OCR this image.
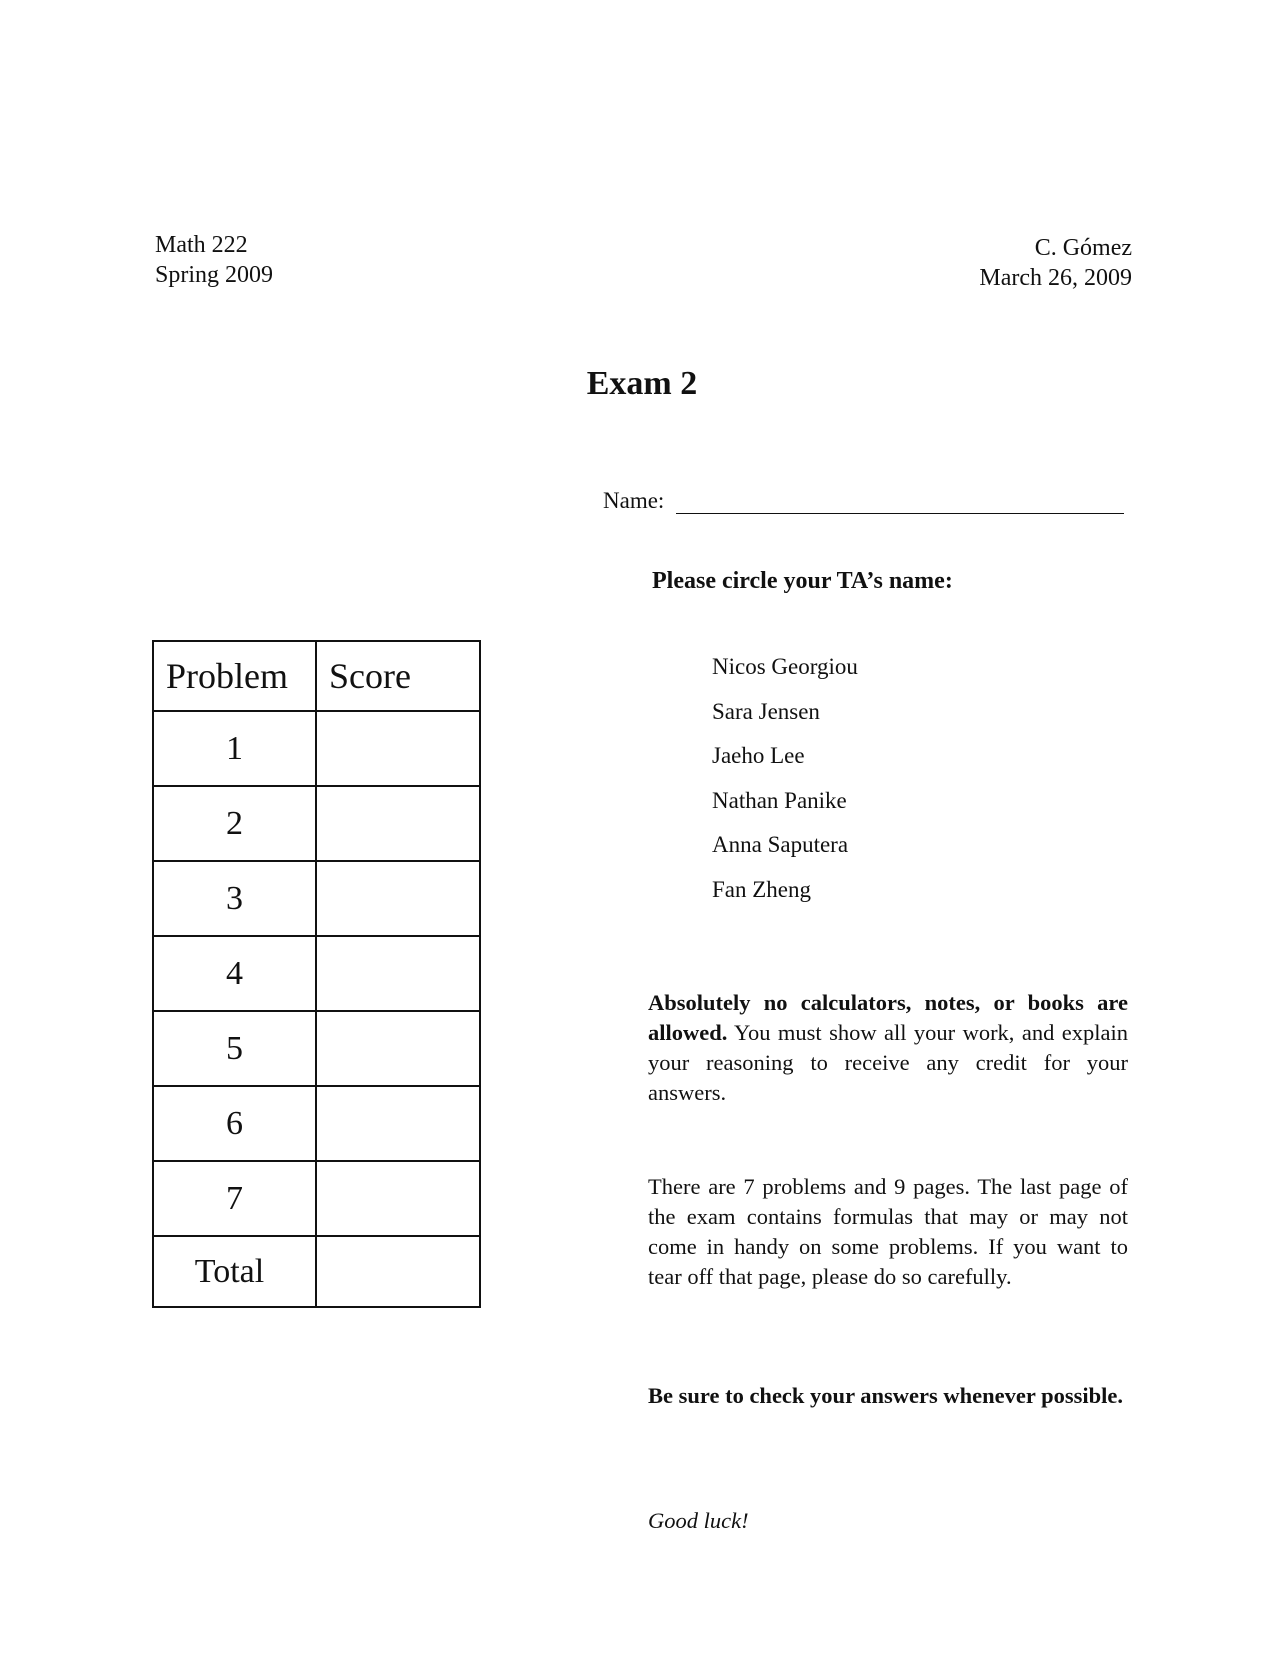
Math 222
Spring 2009
C. Gómez
March 26, 2009
Exam 2
Name:
Please circle your TA’s name:
Nicos Georgiou
Sara Jensen
Jaeho Lee
Nathan Panike
Anna Saputera
Fan Zheng
Absolutely no calculators, notes, or books are allowed. You must show all your work, and explain your reasoning to receive any credit for your answers.
There are 7 problems and 9 pages. The last page of the exam contains formulas that may or may not come in handy on some problems. If you want to tear off that page, please do so carefully.
Be sure to check your answers whenever possible.
Good luck!
Problem	Score
1	
2	
3	
4	
5	
6	
7	
Total	
